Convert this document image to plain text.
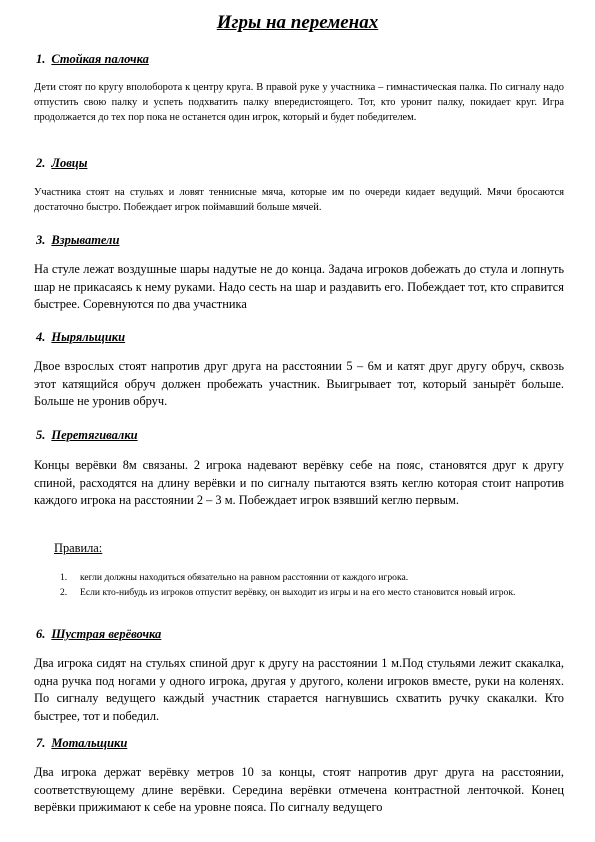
Игры на переменах
1. Стойкая палочка
Дети стоят по кругу вполоборота к центру круга. В правой руке у участника – гимнастическая палка. По сигналу надо отпустить свою палку и успеть подхватить палку впередистоящего. Тот, кто уронит палку, покидает круг. Игра продолжается до тех пор пока не останется один игрок, который и будет победителем.
2. Ловцы
Участника стоят на стульях и ловят теннисные мяча, которые им по очереди кидает ведущий. Мячи бросаются достаточно быстро. Побеждает игрок поймавший больше мячей.
3. Взрыватели
На стуле лежат воздушные шары надутые не до конца. Задача игроков добежать до стула и лопнуть шар не прикасаясь к нему руками. Надо сесть на шар и раздавить его. Побеждает тот, кто справится быстрее. Соревнуются по два участника
4. Ныряльщики
Двое взрослых стоят напротив друг друга на расстоянии 5 – 6м и катят друг другу обруч, сквозь этот катящийся обруч должен пробежать участник. Выигрывает тот, который занырёт больше. Больше не уронив обруч.
5. Перетягивалки
Концы верёвки 8м связаны. 2 игрока надевают верёвку себе на пояс, становятся друг к другу спиной, расходятся на длину верёвки и по сигналу пытаются взять кеглю которая стоит напротив каждого игрока на расстоянии 2 – 3 м. Побеждает игрок взявший кеглю первым.
Правила:
1. кегли должны находиться обязательно на равном расстоянии от каждого игрока.
2. Если кто-нибудь из игроков отпустит верёвку, он выходит из игры и на его место становится новый игрок.
6. Шустрая верёвочка
Два игрока сидят на стульях спиной друг к другу на расстоянии 1 м.Под стульями лежит скакалка, одна ручка под ногами у одного игрока, другая у другого, колени игроков вместе, руки на коленях. По сигналу ведущего каждый участник старается нагнувшись схватить ручку скакалки. Кто быстрее, тот и победил.
7. Мотальщики
Два игрока держат верёвку метров 10 за концы, стоят напротив друг друга на расстоянии, соответствующему длине верёвки. Середина верёвки отмечена контрастной ленточкой. Конец верёвки прижимают к себе на уровне пояса. По сигналу ведущего
